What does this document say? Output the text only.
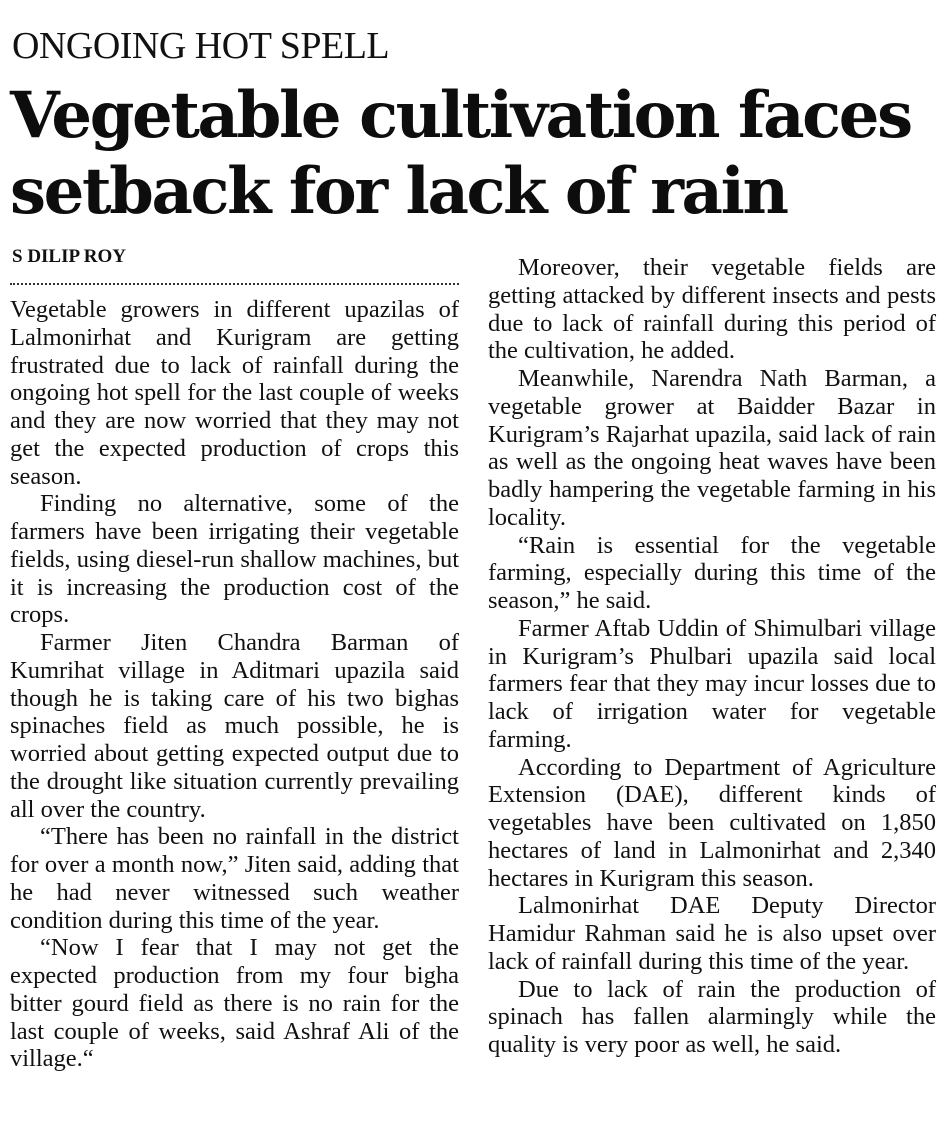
ONGOING HOT SPELL
Vegetable cultivation faces
setback for lack of rain
S DILIP ROY

Vegetable growers in different upazilas of Lalmonirhat and Kurigram are getting frustrated due to lack of rainfall during the ongoing hot spell for the last couple of weeks and they are now worried that they may not get the expected production of crops this season.

Finding no alternative, some of the farmers have been irrigating their vegetable fields, using diesel-run shallow machines, but it is increasing the production cost of the crops.

Farmer Jiten Chandra Barman of Kumrihat village in Aditmari upazila said though he is taking care of his two bighas spinaches field as much possible, he is worried about getting expected output due to the drought like situation currently prevailing all over the country.

“There has been no rainfall in the district for over a month now,” Jiten said, adding that he had never witnessed such weather condition during this time of the year.

“Now I fear that I may not get the expected production from my four bigha bitter gourd field as there is no rain for the last couple of weeks, said Ashraf Ali of the village.“

Moreover, their vegetable fields are getting attacked by different insects and pests due to lack of rainfall during this period of the cultivation, he added.

Meanwhile, Narendra Nath Barman, a vegetable grower at Baidder Bazar in Kurigram’s Rajarhat upazila, said lack of rain as well as the ongoing heat waves have been badly hampering the vegetable farming in his locality.

“Rain is essential for the vegetable farming, especially during this time of the season,” he said.

Farmer Aftab Uddin of Shimulbari village in Kurigram’s Phulbari upazila said local farmers fear that they may incur losses due to lack of irrigation water for vegetable farming.

According to Department of Agriculture Extension (DAE), different kinds of vegetables have been cultivated on 1,850 hectares of land in Lalmonirhat and 2,340 hectares in Kurigram this season.

Lalmonirhat DAE Deputy Director Hamidur Rahman said he is also upset over lack of rainfall during this time of the year.

Due to lack of rain the production of spinach has fallen alarmingly while the quality is very poor as well, he said.
